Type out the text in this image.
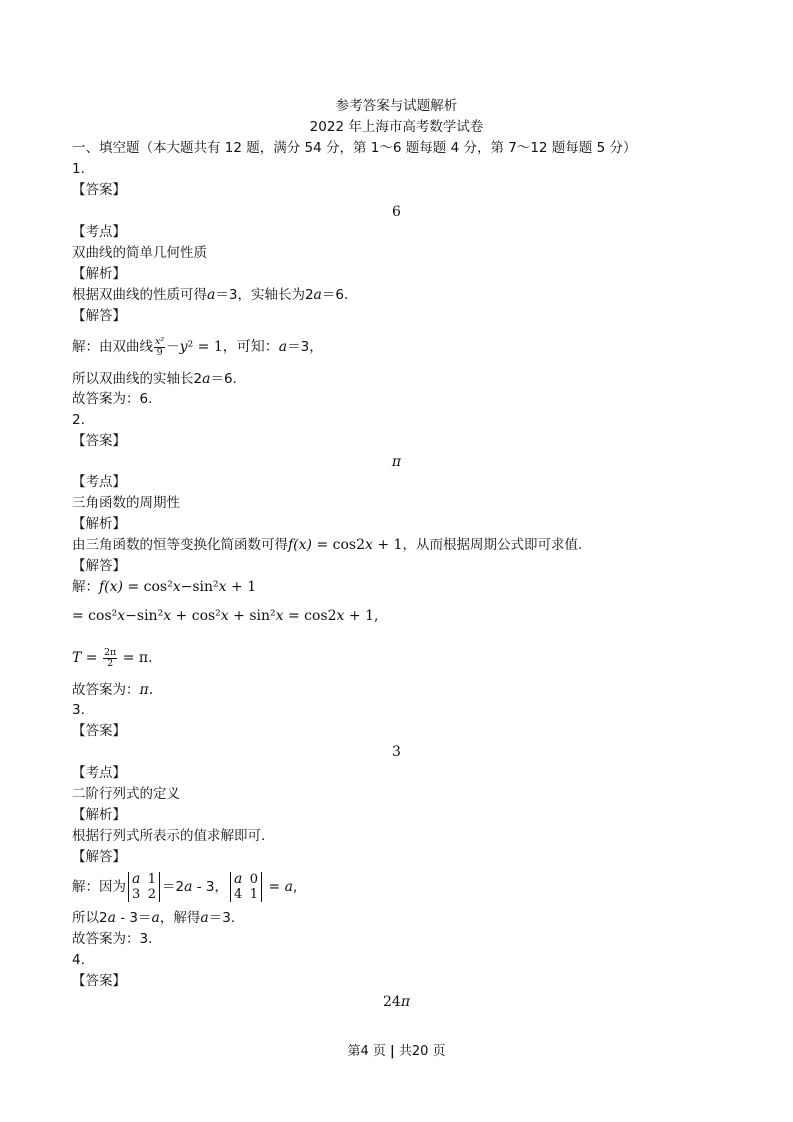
参考答案与试题解析
2022 年上海市高考数学试卷
一、填空题（本大题共有 12 题，满分 54 分，第 1～6 题每题 4 分，第 7～12 题每题 5 分）
1.
【答案】
6
【考点】
双曲线的简单几何性质
【解析】
根据双曲线的性质可得a＝3，实轴长为2a＝6.
【解答】
解：由双曲线 $\frac{\text{x²}}{9} -y^2 = 1$，可知：a＝3，
所以双曲线的实轴长2a＝6.
故答案为：6.
2.
【答案】
π
【考点】
三角函数的周期性
【解析】
由三角函数的恒等变换化简函数可得f(x) = cos2x + 1，从而根据周期公式即可求值.
【解答】
解：f(x) = cos²x−sin²x + 1
= cos²x−sin²x + cos²x + sin²x = cos2x + 1,
$T = \frac{2\pi}{2} = \pi$.
故答案为：π.
3.
【答案】
3
【考点】
二阶行列式的定义
【解析】
根据行列式所表示的值求解即可.
【解答】
解：因为 a 1
3 2 ＝2a - 3， a 0
4 1 = a,
所以2a - 3＝a，解得a＝3.
故答案为：3.
4.
【答案】
24π
第4 页 | 共20 页
